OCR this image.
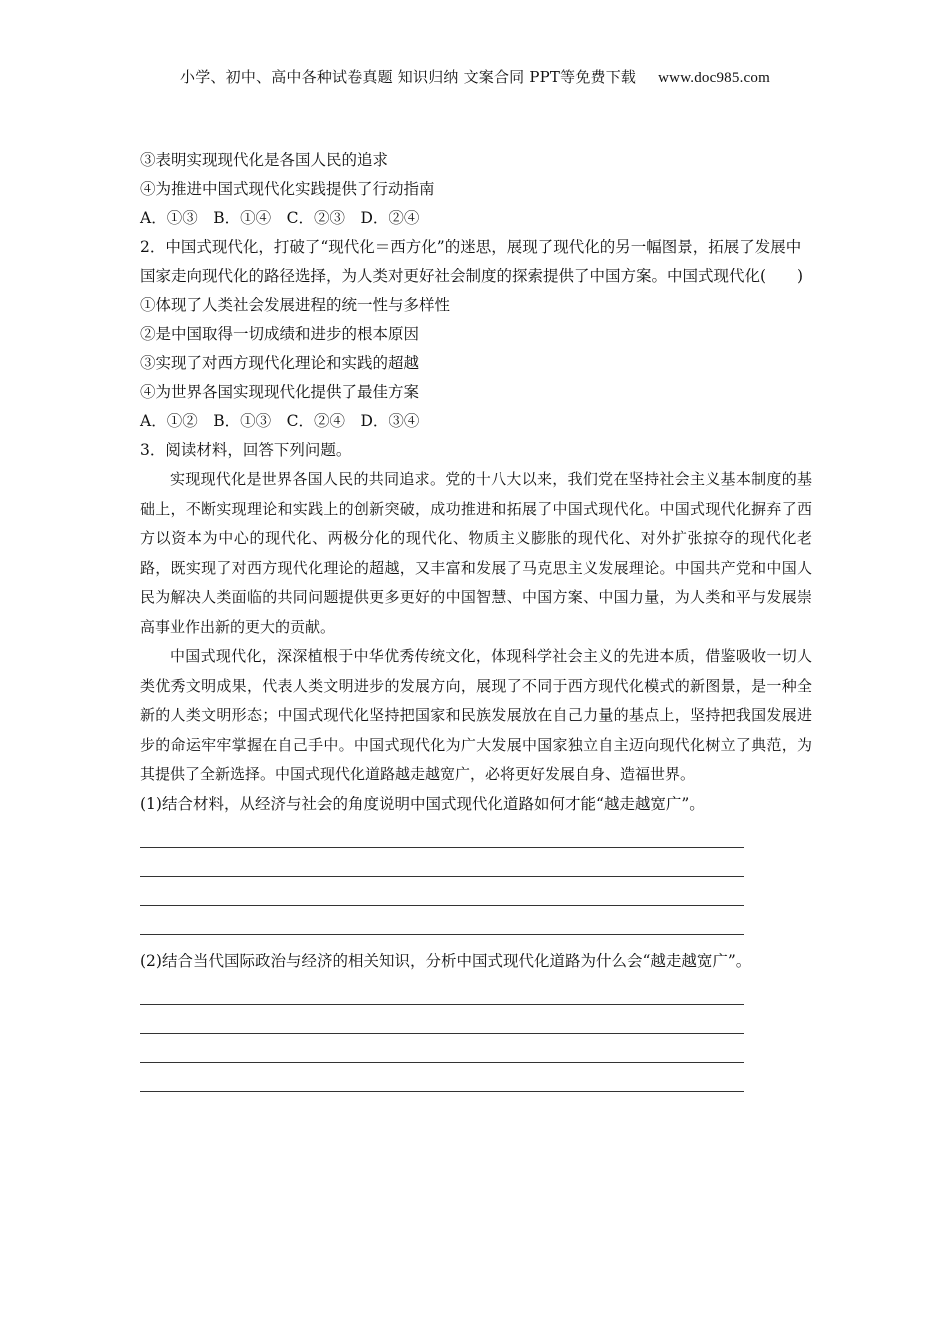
小学、初中、高中各种试卷真题 知识归纳 文案合同 PPT等免费下载 www.doc985.com
③表明实现现代化是各国人民的追求
④为推进中国式现代化实践提供了行动指南
A．①③　B．①④　C．②③　D．②④
2．中国式现代化，打破了“现代化＝西方化”的迷思，展现了现代化的另一幅图景，拓展了发展中国家走向现代化的路径选择，为人类对更好社会制度的探索提供了中国方案。中国式现代化(　　)
①体现了人类社会发展进程的统一性与多样性
②是中国取得一切成绩和进步的根本原因
③实现了对西方现代化理论和实践的超越
④为世界各国实现现代化提供了最佳方案
A．①②　B．①③　C．②④　D．③④
3．阅读材料，回答下列问题。
实现现代化是世界各国人民的共同追求。党的十八大以来，我们党在坚持社会主义基本制度的基础上，不断实现理论和实践上的创新突破，成功推进和拓展了中国式现代化。中国式现代化摒弃了西方以资本为中心的现代化、两极分化的现代化、物质主义膨胀的现代化、对外扩张掠夺的现代化老路，既实现了对西方现代化理论的超越，又丰富和发展了马克思主义发展理论。中国共产党和中国人民为解决人类面临的共同问题提供更多更好的中国智慧、中国方案、中国力量，为人类和平与发展崇高事业作出新的更大的贡献。
中国式现代化，深深植根于中华优秀传统文化，体现科学社会主义的先进本质，借鉴吸收一切人类优秀文明成果，代表人类文明进步的发展方向，展现了不同于西方现代化模式的新图景，是一种全新的人类文明形态；中国式现代化坚持把国家和民族发展放在自己力量的基点上，坚持把我国发展进步的命运牢牢掌握在自己手中。中国式现代化为广大发展中国家独立自主迈向现代化树立了典范，为其提供了全新选择。中国式现代化道路越走越宽广，必将更好发展自身、造福世界。
(1)结合材料，从经济与社会的角度说明中国式现代化道路如何才能“越走越宽广”。
(2)结合当代国际政治与经济的相关知识，分析中国式现代化道路为什么会“越走越宽广”。
